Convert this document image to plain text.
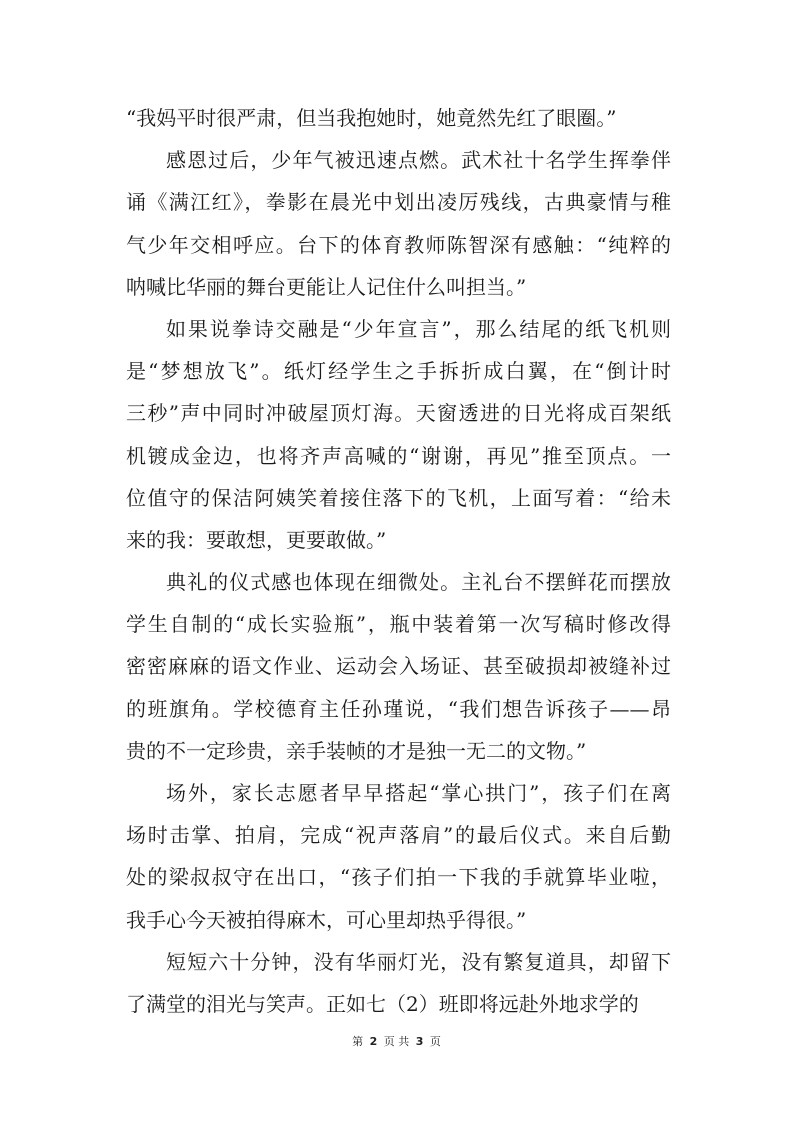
“我妈平时很严肃，但当我抱她时，她竟然先红了眼圈。”
感恩过后，少年气被迅速点燃。武术社十名学生挥拳伴
诵《满江红》，拳影在晨光中划出凌厉残线，古典豪情与稚
气少年交相呼应。台下的体育教师陈智深有感触：“纯粹的
呐喊比华丽的舞台更能让人记住什么叫担当。”
如果说拳诗交融是“少年宣言”，那么结尾的纸飞机则
是“梦想放飞”。纸灯经学生之手拆折成白翼，在“倒计时
三秒”声中同时冲破屋顶灯海。天窗透进的日光将成百架纸
机镀成金边，也将齐声高喊的“谢谢，再见”推至顶点。一
位值守的保洁阿姨笑着接住落下的飞机，上面写着：“给未
来的我：要敢想，更要敢做。”
典礼的仪式感也体现在细微处。主礼台不摆鲜花而摆放
学生自制的“成长实验瓶”，瓶中装着第一次写稿时修改得
密密麻麻的语文作业、运动会入场证、甚至破损却被缝补过
的班旗角。学校德育主任孙瑾说，“我们想告诉孩子——昂
贵的不一定珍贵，亲手装帧的才是独一无二的文物。”
场外，家长志愿者早早搭起“掌心拱门”，孩子们在离
场时击掌、拍肩，完成“祝声落肩”的最后仪式。来自后勤
处的梁叔叔守在出口，“孩子们拍一下我的手就算毕业啦，
我手心今天被拍得麻木，可心里却热乎得很。”
短短六十分钟，没有华丽灯光，没有繁复道具，却留下
了满堂的泪光与笑声。正如七（2）班即将远赴外地求学的
第 2 页 共 3 页
